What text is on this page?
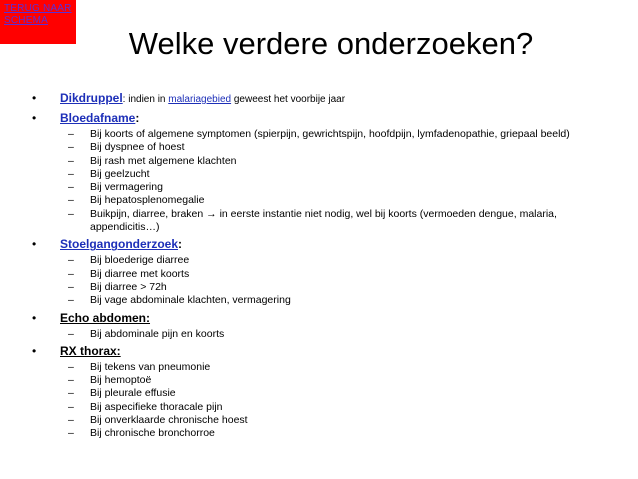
TERUG NAAR
SCHEMA
Welke verdere onderzoeken?
• Dikdruppel: indien in malariagebied geweest het voorbije jaar
• Bloedafname:
– Bij koorts of algemene symptomen (spierpijn, gewrichtspijn, hoofdpijn, lymfadenopathie, griepaal beeld)
– Bij dyspnee of hoest
– Bij rash met algemene klachten
– Bij geelzucht
– Bij vermagering
– Bij hepatosplenomegalie
– Buikpijn, diarree, braken → in eerste instantie niet nodig, wel bij koorts (vermoeden dengue, malaria, appendicitis…)
• Stoelgangonderzoek:
– Bij bloederige diarree
– Bij diarree met koorts
– Bij diarree > 72h
– Bij vage abdominale klachten, vermagering
• Echo abdomen:
– Bij abdominale pijn en koorts
• RX thorax:
– Bij tekens van pneumonie
– Bij hemoptoë
– Bij pleurale effusie
– Bij aspecifieke thoracale pijn
– Bij onverklaarde chronische hoest
– Bij chronische bronchorroe
